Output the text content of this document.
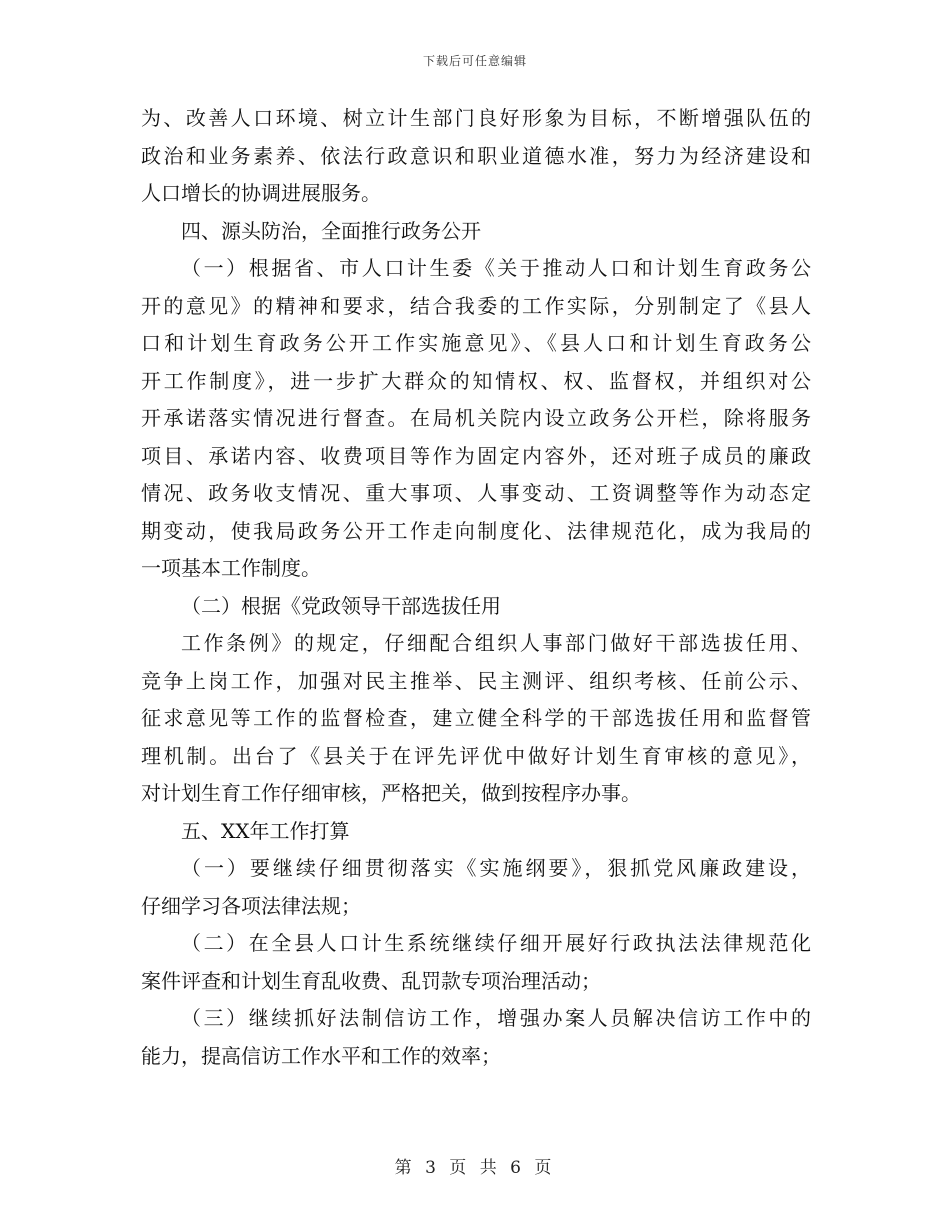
下载后可任意编辑
为、改善人口环境、树立计生部门良好形象为目标，不断增强队伍的
政治和业务素养、依法行政意识和职业道德水准，努力为经济建设和
人口增长的协调进展服务。
四、源头防治，全面推行政务公开
（一）根据省、市人口计生委《关于推动人口和计划生育政务公
开的意见》的精神和要求，结合我委的工作实际，分别制定了《县人
口和计划生育政务公开工作实施意见》、《县人口和计划生育政务公
开工作制度》，进一步扩大群众的知情权、权、监督权，并组织对公
开承诺落实情况进行督查。在局机关院内设立政务公开栏，除将服务
项目、承诺内容、收费项目等作为固定内容外，还对班子成员的廉政
情况、政务收支情况、重大事项、人事变动、工资调整等作为动态定
期变动，使我局政务公开工作走向制度化、法律规范化，成为我局的
一项基本工作制度。
（二）根据《党政领导干部选拔任用
工作条例》的规定，仔细配合组织人事部门做好干部选拔任用、
竞争上岗工作，加强对民主推举、民主测评、组织考核、任前公示、
征求意见等工作的监督检查，建立健全科学的干部选拔任用和监督管
理机制。出台了《县关于在评先评优中做好计划生育审核的意见》，
对计划生育工作仔细审核，严格把关，做到按程序办事。
五、XX年工作打算
（一）要继续仔细贯彻落实《实施纲要》，狠抓党风廉政建设，
仔细学习各项法律法规；
（二）在全县人口计生系统继续仔细开展好行政执法法律规范化
案件评查和计划生育乱收费、乱罚款专项治理活动；
（三）继续抓好法制信访工作，增强办案人员解决信访工作中的
能力，提高信访工作水平和工作的效率；
第 3 页 共 6 页
